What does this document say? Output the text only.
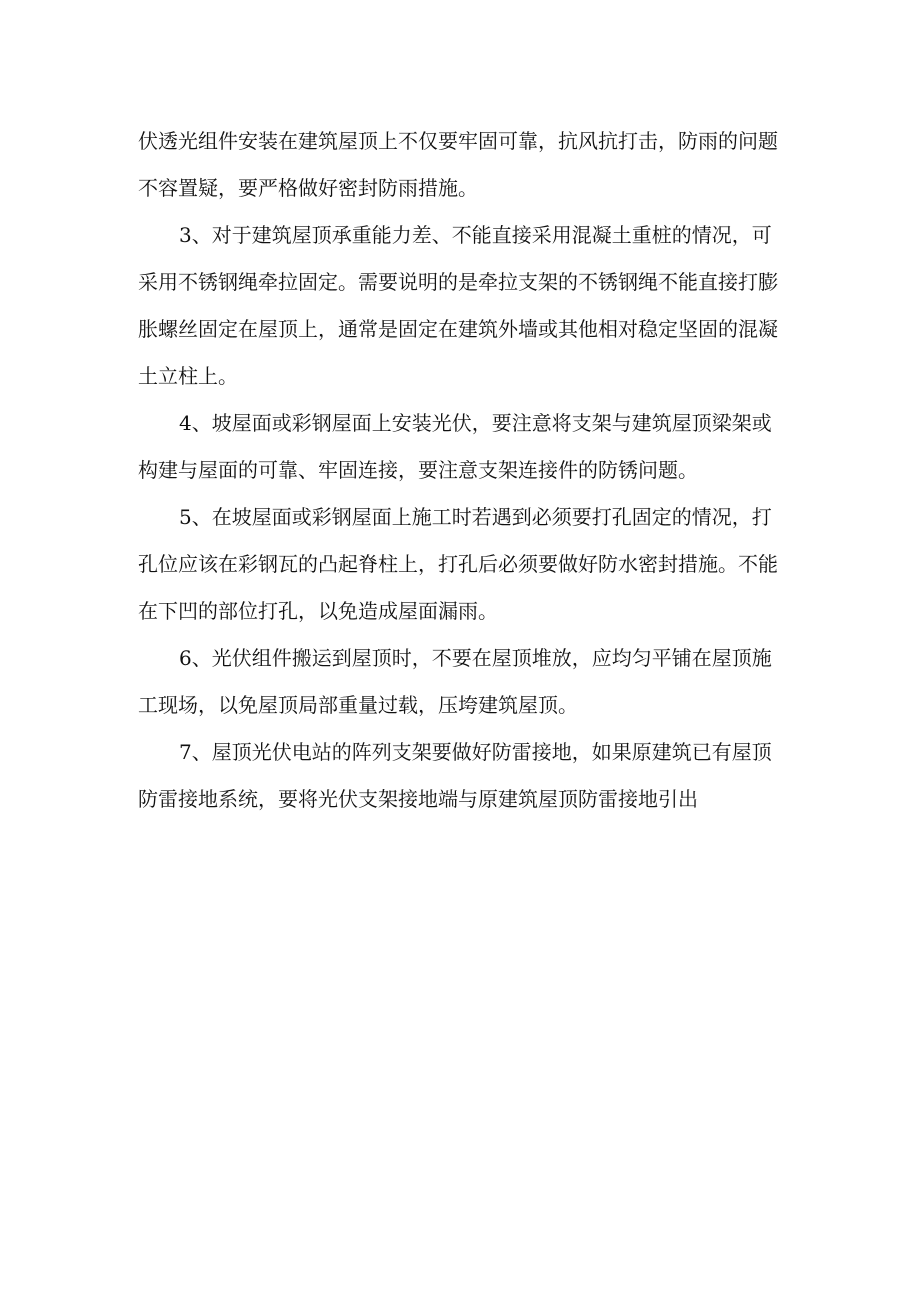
伏透光组件安装在建筑屋顶上不仅要牢固可靠，抗风抗打击，防雨的问题

不容置疑，要严格做好密封防雨措施。

3、对于建筑屋顶承重能力差、不能直接采用混凝土重桩的情况，可

采用不锈钢绳牵拉固定。需要说明的是牵拉支架的不锈钢绳不能直接打膨

胀螺丝固定在屋顶上，通常是固定在建筑外墙或其他相对稳定坚固的混凝

土立柱上。

4、坡屋面或彩钢屋面上安装光伏，要注意将支架与建筑屋顶梁架或

构建与屋面的可靠、牢固连接，要注意支架连接件的防锈问题。

5、在坡屋面或彩钢屋面上施工时若遇到必须要打孔固定的情况，打

孔位应该在彩钢瓦的凸起脊柱上，打孔后必须要做好防水密封措施。不能

在下凹的部位打孔，以免造成屋面漏雨。

6、光伏组件搬运到屋顶时，不要在屋顶堆放，应均匀平铺在屋顶施

工现场，以免屋顶局部重量过载，压垮建筑屋顶。

7、屋顶光伏电站的阵列支架要做好防雷接地，如果原建筑已有屋顶

防雷接地系统，要将光伏支架接地端与原建筑屋顶防雷接地引出
